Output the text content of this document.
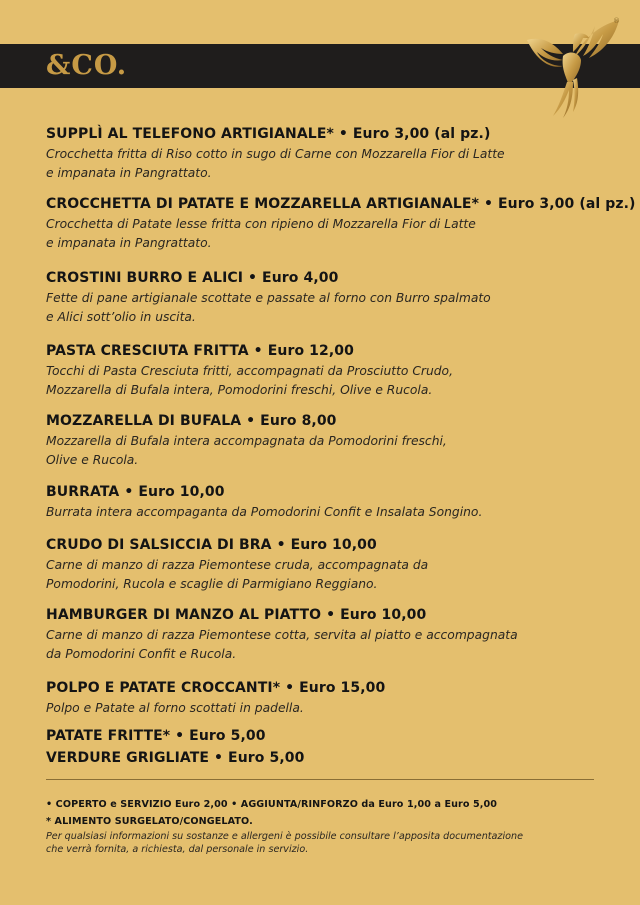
&CO.
®
SUPPLÌ AL TELEFONO ARTIGIANALE* • Euro 3,00 (al pz.)
Crocchetta fritta di Riso cotto in sugo di Carne con Mozzarella Fior di Latte
e impanata in Pangrattato.
CROCCHETTA DI PATATE E MOZZARELLA ARTIGIANALE* • Euro 3,00 (al pz.)
Crocchetta di Patate lesse fritta con ripieno di Mozzarella Fior di Latte
e impanata in Pangrattato.
CROSTINI BURRO E ALICI • Euro 4,00
Fette di pane artigianale scottate e passate al forno con Burro spalmato
e Alici sott’olio in uscita.
PASTA CRESCIUTA FRITTA • Euro 12,00
Tocchi di Pasta Cresciuta fritti, accompagnati da Prosciutto Crudo,
Mozzarella di Bufala intera, Pomodorini freschi, Olive e Rucola.
MOZZARELLA DI BUFALA • Euro 8,00
Mozzarella di Bufala intera accompagnata da Pomodorini freschi,
Olive e Rucola.
BURRATA • Euro 10,00
Burrata intera accompaganta da Pomodorini Confit e Insalata Songino.
CRUDO DI SALSICCIA DI BRA • Euro 10,00
Carne di manzo di razza Piemontese cruda, accompagnata da
Pomodorini, Rucola e scaglie di Parmigiano Reggiano.
HAMBURGER DI MANZO AL PIATTO • Euro 10,00
Carne di manzo di razza Piemontese cotta, servita al piatto e accompagnata
da Pomodorini Confit e Rucola.
POLPO E PATATE CROCCANTI* • Euro 15,00
Polpo e Patate al forno scottati in padella.
PATATE FRITTE* • Euro 5,00
VERDURE GRIGLIATE • Euro 5,00
• COPERTO e SERVIZIO Euro 2,00 • AGGIUNTA/RINFORZO da Euro 1,00 a Euro 5,00
* ALIMENTO SURGELATO/CONGELATO.
Per qualsiasi informazioni su sostanze e allergeni è possibile consultare l’apposita documentazione
che verrà fornita, a richiesta, dal personale in servizio.
